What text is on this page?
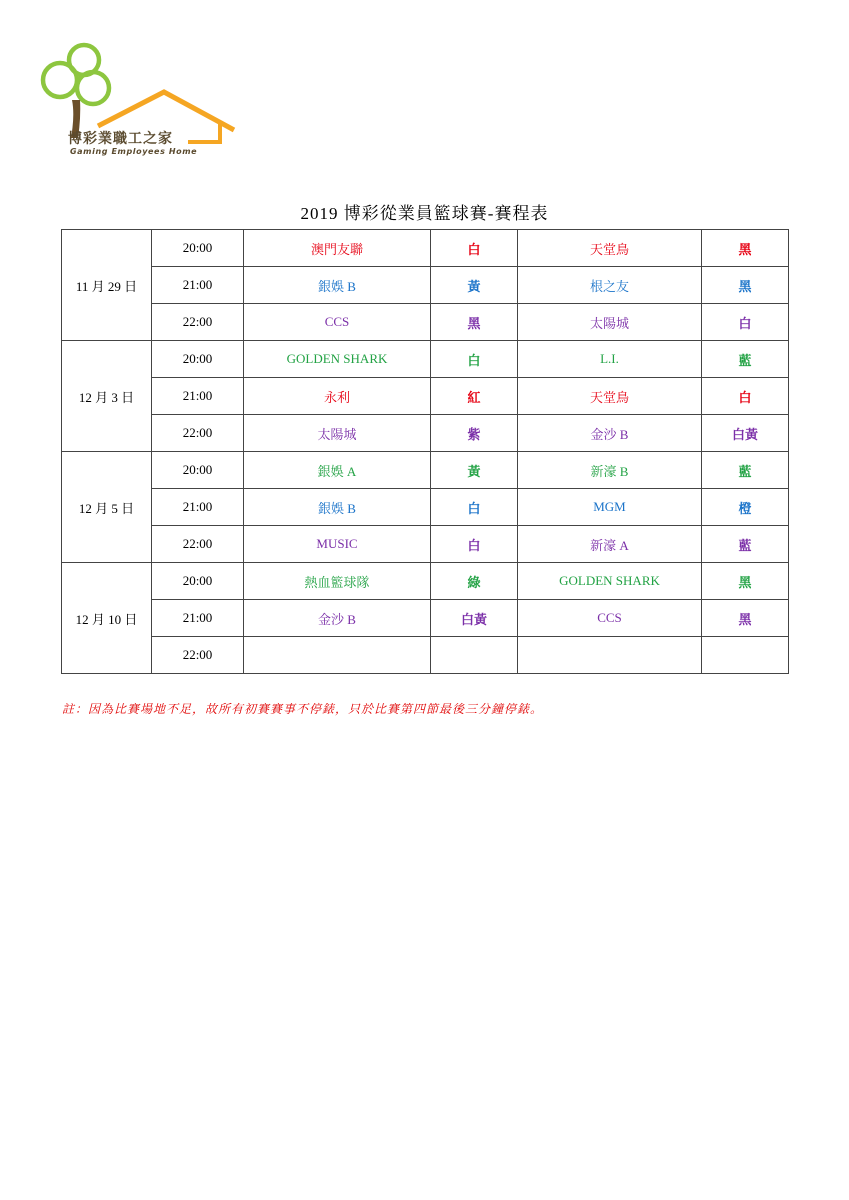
博彩業職工之家
Gaming Employees Home
2019 博彩從業員籃球賽-賽程表
11 月 29 日	20:00	澳門友聯	白	天堂鳥	黑
	21:00	銀娛 B	黃	根之友	黑
	22:00	CCS	黑	太陽城	白
12 月 3 日	20:00	GOLDEN SHARK	白	L.I.	藍
	21:00	永利	紅	天堂鳥	白
	22:00	太陽城	紫	金沙 B	白黃
12 月 5 日	20:00	銀娛 A	黃	新濠 B	藍
	21:00	銀娛 B	白	MGM	橙
	22:00	MUSIC	白	新濠 A	藍
12 月 10 日	20:00	熱血籃球隊	綠	GOLDEN SHARK	黑
	21:00	金沙 B	白黃	CCS	黑
	22:00				
註：因為比賽場地不足，故所有初賽賽事不停錶，只於比賽第四節最後三分鐘停錶。
